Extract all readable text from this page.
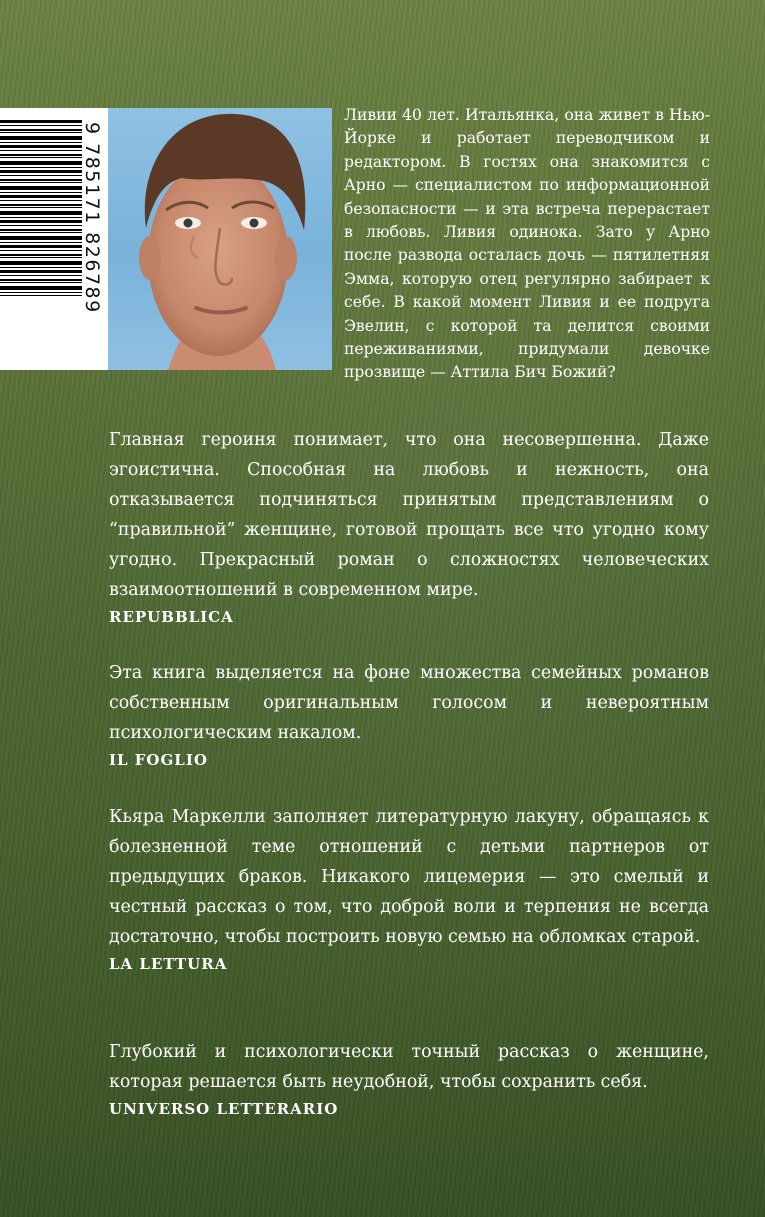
9 785171 826789

Ливии 40 лет. Итальянка, она живет в Нью-Йорке и работает переводчиком и редактором. В гостях она знакомится с Арно — специалистом по информационной безопасности — и эта встреча перерастает в любовь. Ливия одинока. Зато у Арно после развода осталась дочь — пятилетняя Эмма, которую отец регулярно забирает к себе. В какой момент Ливия и ее подруга Эвелин, с которой та делится своими переживаниями, придумали девочке прозвище — Аттила Бич Божий?

Главная героиня понимает, что она несовершенна. Даже эгоистична. Способная на любовь и нежность, она отказывается подчиняться принятым представлениям о “правильной” женщине, готовой прощать все что угодно кому угодно. Прекрасный роман о сложностях человеческих взаимоотношений в современном мире.

REPUBBLICA

Эта книга выделяется на фоне множества семейных романов собственным оригинальным голосом и невероятным психологическим накалом.

IL FOGLIO

Кьяра Маркелли заполняет литературную лакуну, обращаясь к болезненной теме отношений с детьми партнеров от предыдущих браков. Никакого лицемерия — это смелый и честный рассказ о том, что доброй воли и терпения не всегда достаточно, чтобы построить новую семью на обломках старой.

LA LETTURA

Глубокий и психологически точный рассказ о женщине, которая решается быть неудобной, чтобы сохранить себя.

UNIVERSO LETTERARIO
